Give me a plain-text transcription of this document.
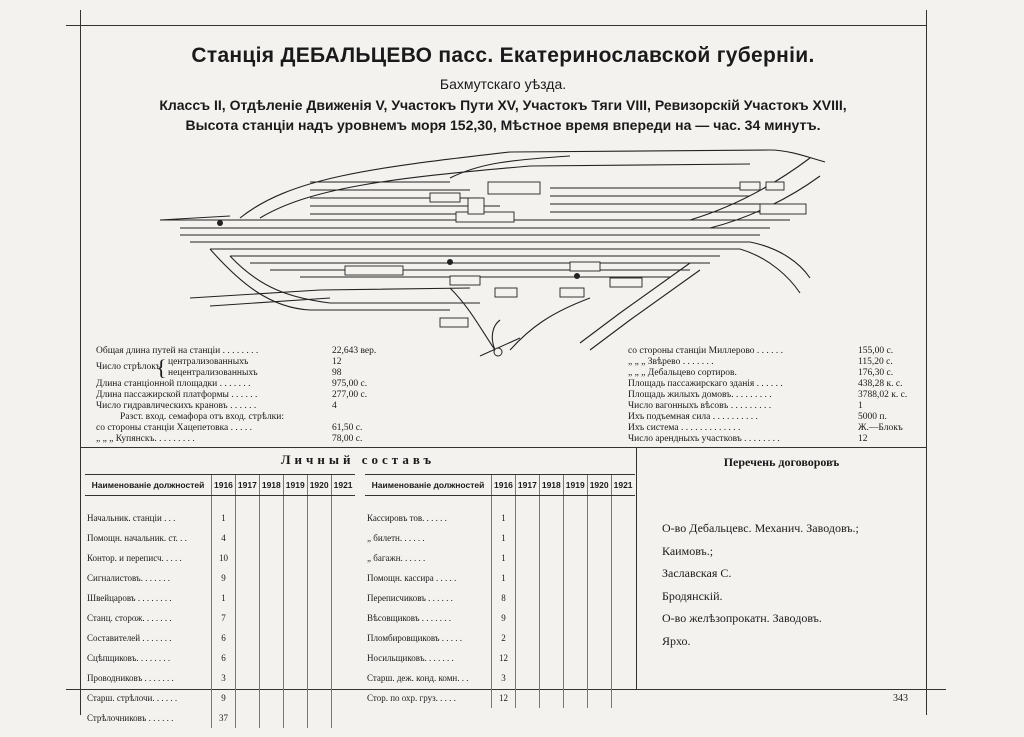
Станція ДЕБАЛЬЦЕВО пасс. Екатеринославской губерніи.
Бахмутскаго уѣзда.
Классъ II, Отдѣленіе Движенія V, Участокъ Пути XV, Участокъ Тяги VIII, Ревизорскій Участокъ XVIII,
Высота станціи надъ уровнемъ моря 152,30, Мѣстное время впереди на — час. 34 минутъ.
Общая длина путей на станціи . . . . . . . .	22,643 вер.
Число стрѣлокъ
{ централизованныхъ	12
нецентрализованныхъ	98
Длина станціонной площадки . . . . . . .	975,00 с.
Длина пассажирской платформы . . . . . .	277,00 с.
Число гидравлическихъ крановъ . . . . . .	4
Разст. вход. семафора отъ вход. стрѣлки:
со стороны станціи Хацепетовка . . . . .	61,50 с.
„ „ „ Купянскъ. . . . . . . . .	78,00 с.
со стороны станціи Миллерово . . . . . .	155,00 с.
„ „ „ Звѣрево . . . . . . .	115,20 с.
„ „ „ Дебальцево сортиров.	176,30 с.
Площадь пассажирскаго зданія . . . . . .	438,28 к. с.
Площадь жилыхъ домовъ. . . . . . . . .	3788,02 к. с.
Число вагонныхъ вѣсовъ . . . . . . . . .	1
Ихъ подъемная сила . . . . . . . . . .	5000 п.
Ихъ система . . . . . . . . . . . . .	Ж.—Блокъ
Число арендныхъ участковъ . . . . . . . .	12
Личный составъ	Перечень договоровъ
Наименованіе должностей	1916	1917	1918	1919	1920	1921

Начальник. станціи . . .	1					
Помощн. начальник. ст. . .	4					
Контор. и переписч. . . . .	10					
Сигналистовъ. . . . . . .	9					
Швейцаровъ . . . . . . . .	1					
Станц. сторож. . . . . . .	7					
Составителей . . . . . . .	6					
Сцѣпщиковъ. . . . . . . .	6					
Проводниковъ . . . . . . .	3					
Старш. стрѣлочи. . . . . .	9					
Стрѣлочниковъ . . . . . .	37					
Наименованіе должностей	1916	1917	1918	1919	1920	1921

Кассировъ тов. . . . . .	1					
„ билетн. . . . . .	1					
„ багажн. . . . . .	1					
Помощн. кассира . . . . .	1					
Переписчиковъ . . . . . .	8					
Вѣсовщиковъ . . . . . . .	9					
Пломбировщиковъ . . . . .	2					
Носильщиковъ. . . . . . .	12					
Старш. деж. конд. комн. . .	3					
Стор. по охр. груз. . . . .	12					
О-во Дебальцевс. Механич. Заводовъ.;
Каимовъ.;
Заславская С.
Бродянскій.
О-во желѣзопрокатн. Заводовъ.
Ярхо.
343
